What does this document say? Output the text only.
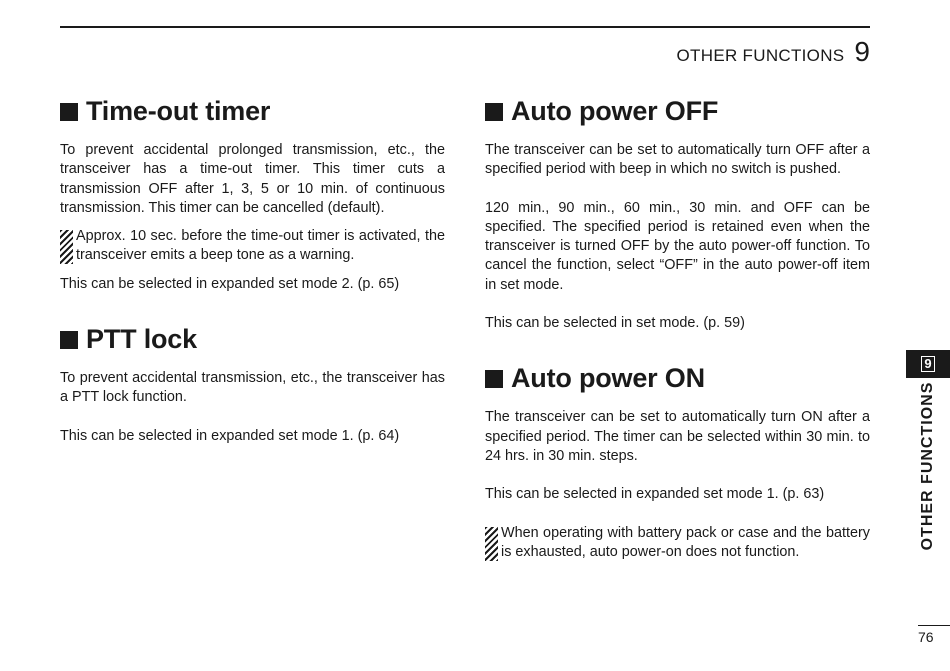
OTHER FUNCTIONS 9
Time-out timer

To prevent accidental prolonged transmission, etc., the transceiver has a time-out timer. This timer cuts a transmission OFF after 1, 3, 5 or 10 min. of continuous transmission. This timer can be cancelled (default).

Approx. 10 sec. before the time-out timer is activated, the transceiver emits a beep tone as a warning.

This can be selected in expanded set mode 2. (p. 65)

PTT lock

To prevent accidental transmission, etc., the transceiver has a PTT lock function.

This can be selected in expanded set mode 1. (p. 64)

Auto power OFF

The transceiver can be set to automatically turn OFF after a specified period with beep in which no switch is pushed.

120 min., 90 min., 60 min., 30 min. and OFF can be specified. The specified period is retained even when the transceiver is turned OFF by the auto power-off function. To cancel the function, select “OFF” in the auto power-off item in set mode.

This can be selected in set mode. (p. 59)

Auto power ON

The transceiver can be set to automatically turn ON after a specified period. The timer can be selected within 30 min. to 24 hrs. in 30 min. steps.

This can be selected in expanded set mode 1. (p. 63)

When operating with battery pack or case and the battery is exhausted, auto power-on does not function.
9
OTHER FUNCTIONS
76
